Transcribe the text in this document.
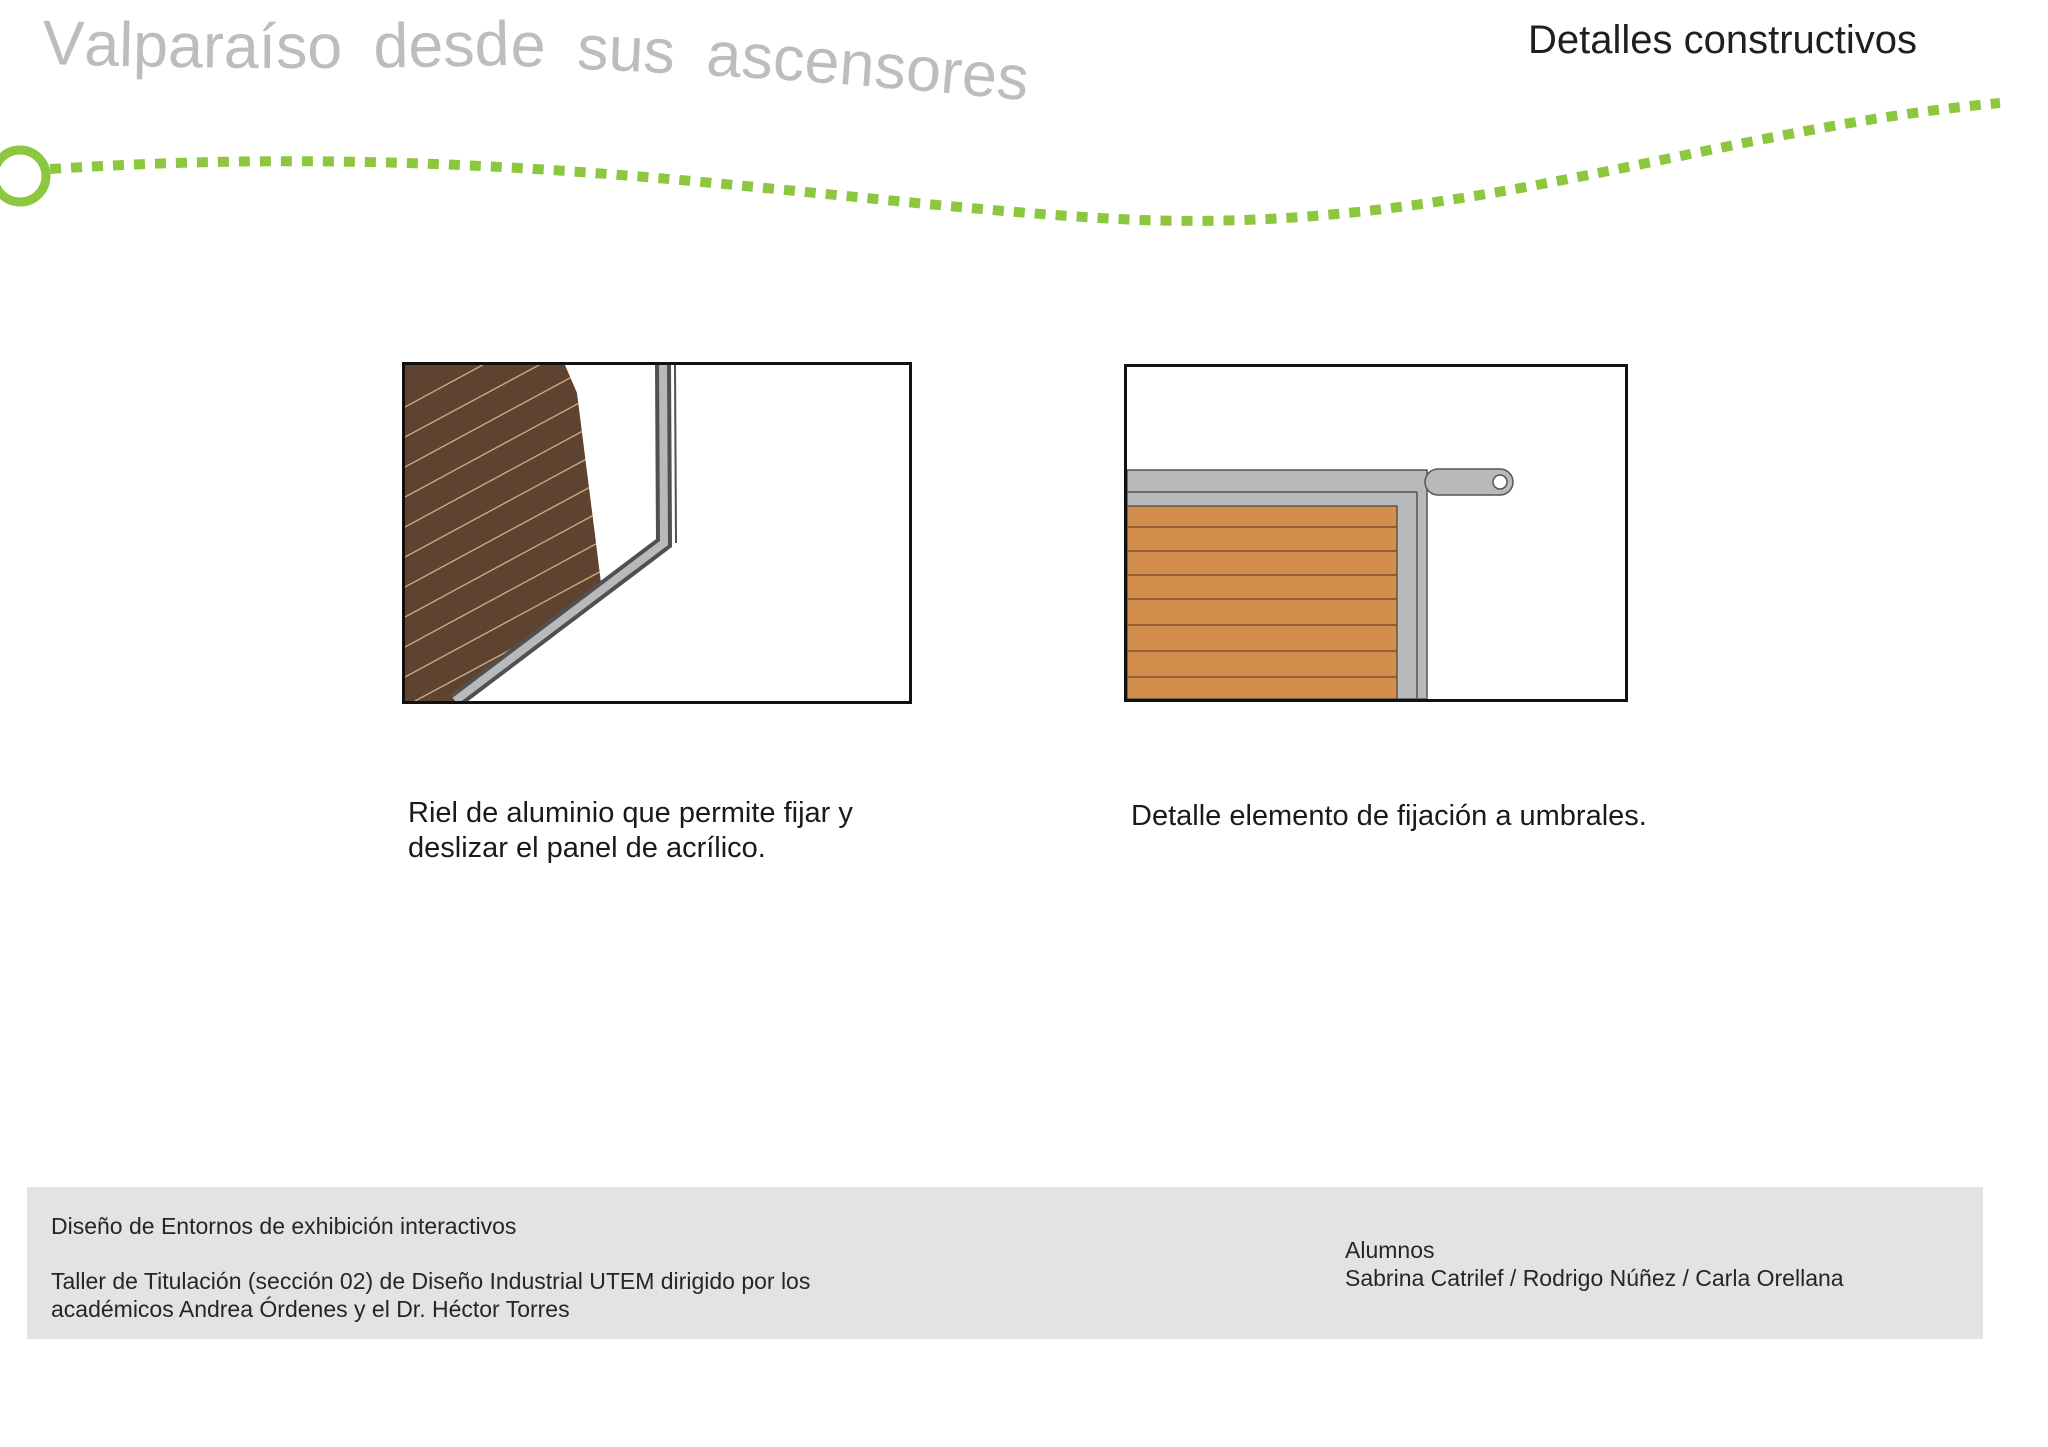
V
a
l
p
a r a í s o d
e
s
d e s
u
s a
s
c
e
n
s
o
r
e
s
Detalles constructivos
Riel de aluminio que permite fijar y deslizar el panel de acrílico.
Detalle elemento de fijación a umbrales.
Diseño de Entornos de exhibición interactivos
Taller de Titulación (sección 02) de Diseño Industrial UTEM dirigido por los académicos Andrea Órdenes y el Dr. Héctor Torres
Alumnos
Sabrina Catrilef / Rodrigo Núñez / Carla Orellana
